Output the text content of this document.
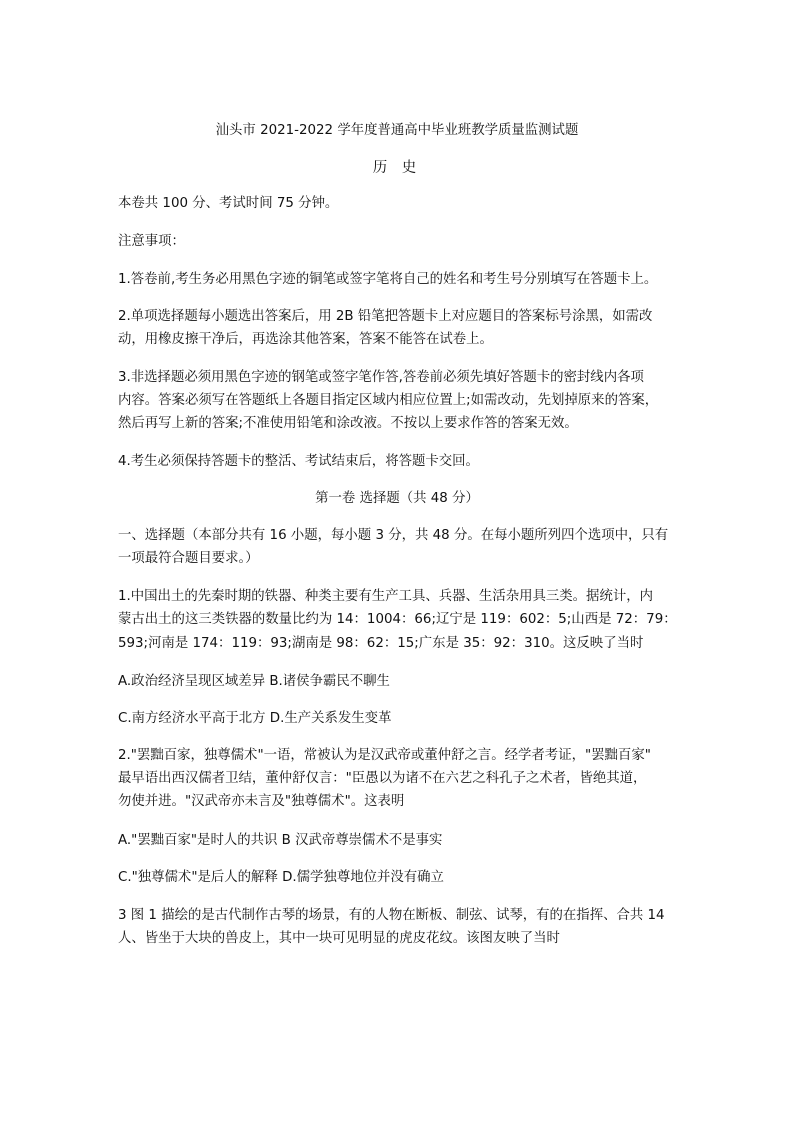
汕头市 2021-2022 学年度普通高中毕业班教学质量监测试题
历 史
本卷共 100 分、考试时间 75 分钟。
注意事项：
1.答卷前,考生务必用黑色字迹的铜笔或签字笔将自己的姓名和考生号分别填写在答题卡上。
2.单项选择题每小题选出答案后，用 2B 铅笔把答题卡上对应题目的答案标号涂黑，如需改
动，用橡皮擦干净后，再选涂其他答案，答案不能答在试卷上。
3.非选择题必须用黑色字迹的钢笔或签字笔作答,答卷前必须先填好答题卡的密封线内各项
内容。答案必须写在答题纸上各题目指定区域内相应位置上;如需改动，先划掉原来的答案，
然后再写上新的答案;不准使用铅笔和涂改液。不按以上要求作答的答案无效。
4.考生必须保持答题卡的整活、考试结束后，将答题卡交回。
第一卷 选择题（共 48 分）
一、选择题（本部分共有 16 小题，每小题 3 分，共 48 分。在每小题所列四个选项中，只有
一项最符合题目要求。）
1.中国出土的先秦时期的铁器、种类主要有生产工具、兵器、生活杂用具三类。据统计，内
蒙古出土的这三类铁器的数量比约为 14：1004：66;辽宁是 119：602：5;山西是 72：79：
593;河南是 174：119：93;湖南是 98：62：15;广东是 35：92：310。这反映了当时
A.政治经济呈现区域差异 B.诸侯争霸民不聊生
C.南方经济水平高于北方 D.生产关系发生变革
2."罢黜百家，独尊儒术"一语，常被认为是汉武帝或董仲舒之言。经学者考证，"罢黜百家"
最早语出西汉儒者卫结，董仲舒仅言："臣愚以为诸不在六艺之科孔子之术者，皆绝其道，
勿使并进。"汉武帝亦未言及"独尊儒术"。这表明
A."罢黜百家"是时人的共识 B 汉武帝尊崇儒术不是事实
C."独尊儒术"是后人的解释 D.儒学独尊地位并没有确立
3 图 1 描绘的是古代制作古琴的场景，有的人物在断板、制弦、试琴，有的在指挥、合共 14
人、皆坐于大块的兽皮上，其中一块可见明显的虎皮花纹。该图友映了当时
